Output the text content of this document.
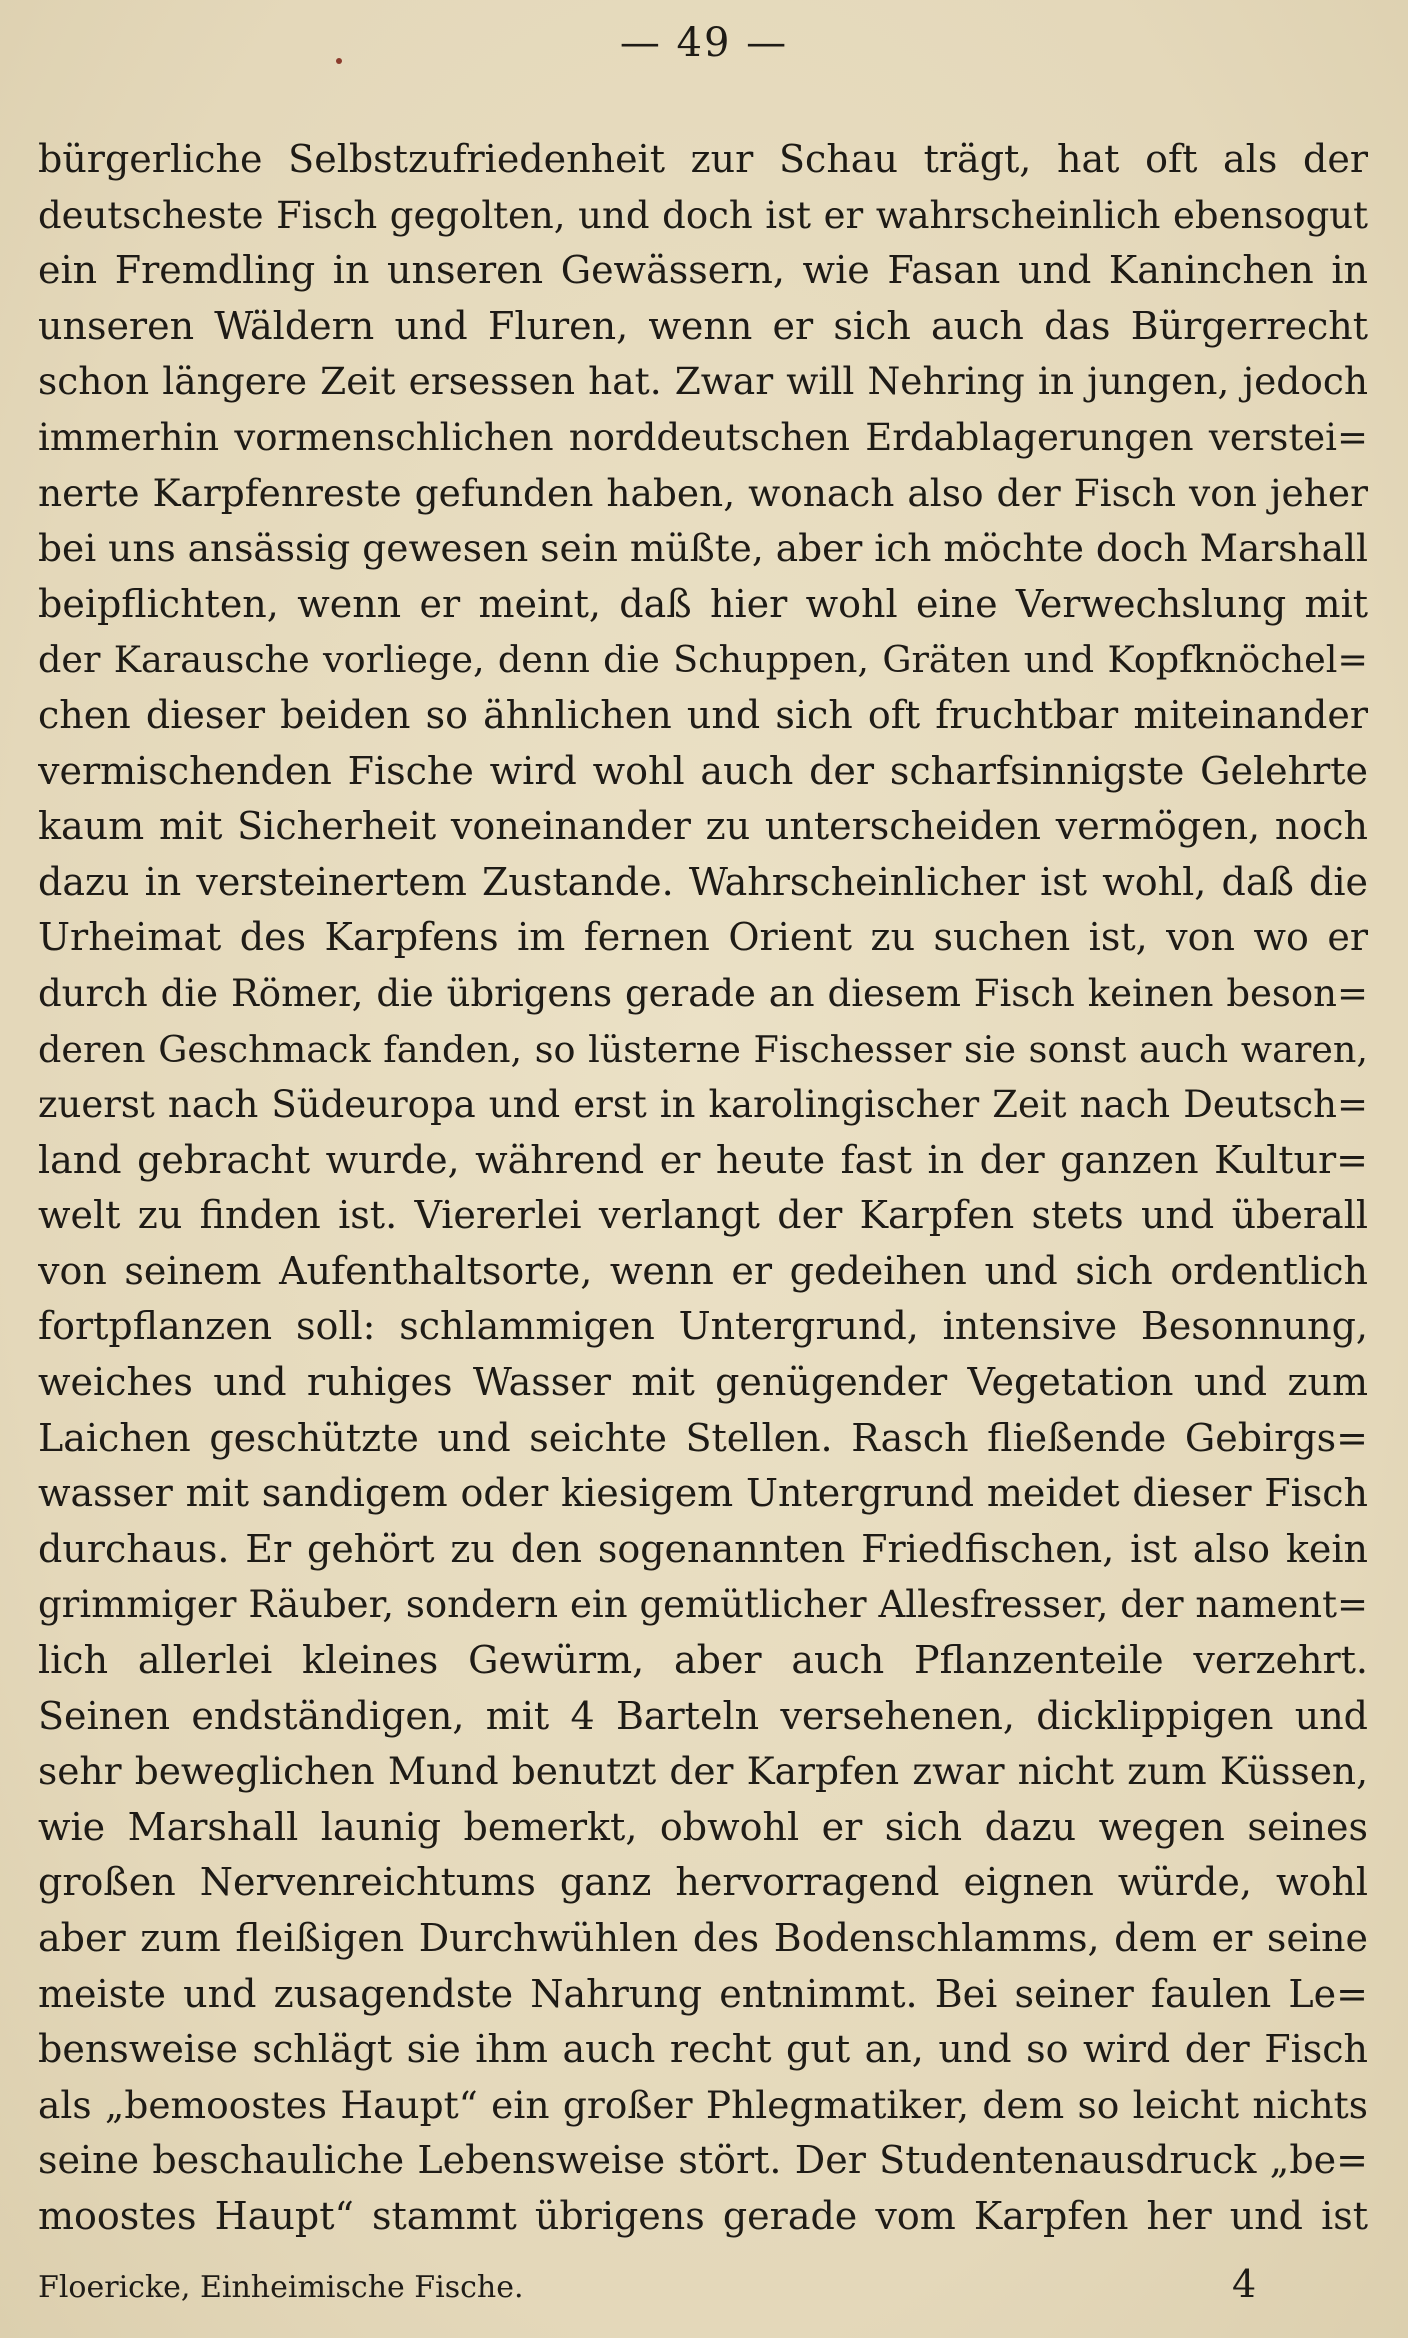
— 49 —
bürgerliche Selbstzufriedenheit zur Schau trägt, hat oft als der
deutscheste Fisch gegolten, und doch ist er wahrscheinlich ebensogut
ein Fremdling in unseren Gewässern, wie Fasan und Kaninchen in
unseren Wäldern und Fluren, wenn er sich auch das Bürgerrecht
schon längere Zeit ersessen hat. Zwar will Nehring in jungen, jedoch
immerhin vormenschlichen norddeutschen Erdablagerungen verstei=
nerte Karpfenreste gefunden haben, wonach also der Fisch von jeher
bei uns ansässig gewesen sein müßte, aber ich möchte doch Marshall
beipflichten, wenn er meint, daß hier wohl eine Verwechslung mit
der Karausche vorliege, denn die Schuppen, Gräten und Kopfknöchel=
chen dieser beiden so ähnlichen und sich oft fruchtbar miteinander
vermischenden Fische wird wohl auch der scharfsinnigste Gelehrte
kaum mit Sicherheit voneinander zu unterscheiden vermögen, noch
dazu in versteinertem Zustande. Wahrscheinlicher ist wohl, daß die
Urheimat des Karpfens im fernen Orient zu suchen ist, von wo er
durch die Römer, die übrigens gerade an diesem Fisch keinen beson=
deren Geschmack fanden, so lüsterne Fischesser sie sonst auch waren,
zuerst nach Südeuropa und erst in karolingischer Zeit nach Deutsch=
land gebracht wurde, während er heute fast in der ganzen Kultur=
welt zu finden ist. Viererlei verlangt der Karpfen stets und überall
von seinem Aufenthaltsorte, wenn er gedeihen und sich ordentlich
fortpflanzen soll: schlammigen Untergrund, intensive Besonnung,
weiches und ruhiges Wasser mit genügender Vegetation und zum
Laichen geschützte und seichte Stellen. Rasch fließende Gebirgs=
wasser mit sandigem oder kiesigem Untergrund meidet dieser Fisch
durchaus. Er gehört zu den sogenannten Friedfischen, ist also kein
grimmiger Räuber, sondern ein gemütlicher Allesfresser, der nament=
lich allerlei kleines Gewürm, aber auch Pflanzenteile verzehrt.
Seinen endständigen, mit 4 Barteln versehenen, dicklippigen und
sehr beweglichen Mund benutzt der Karpfen zwar nicht zum Küssen,
wie Marshall launig bemerkt, obwohl er sich dazu wegen seines
großen Nervenreichtums ganz hervorragend eignen würde, wohl
aber zum fleißigen Durchwühlen des Bodenschlamms, dem er seine
meiste und zusagendste Nahrung entnimmt. Bei seiner faulen Le=
bensweise schlägt sie ihm auch recht gut an, und so wird der Fisch
als „bemoostes Haupt“ ein großer Phlegmatiker, dem so leicht nichts
seine beschauliche Lebensweise stört. Der Studentenausdruck „be=
moostes Haupt“ stammt übrigens gerade vom Karpfen her und ist
Floericke, Einheimische Fische.	4
